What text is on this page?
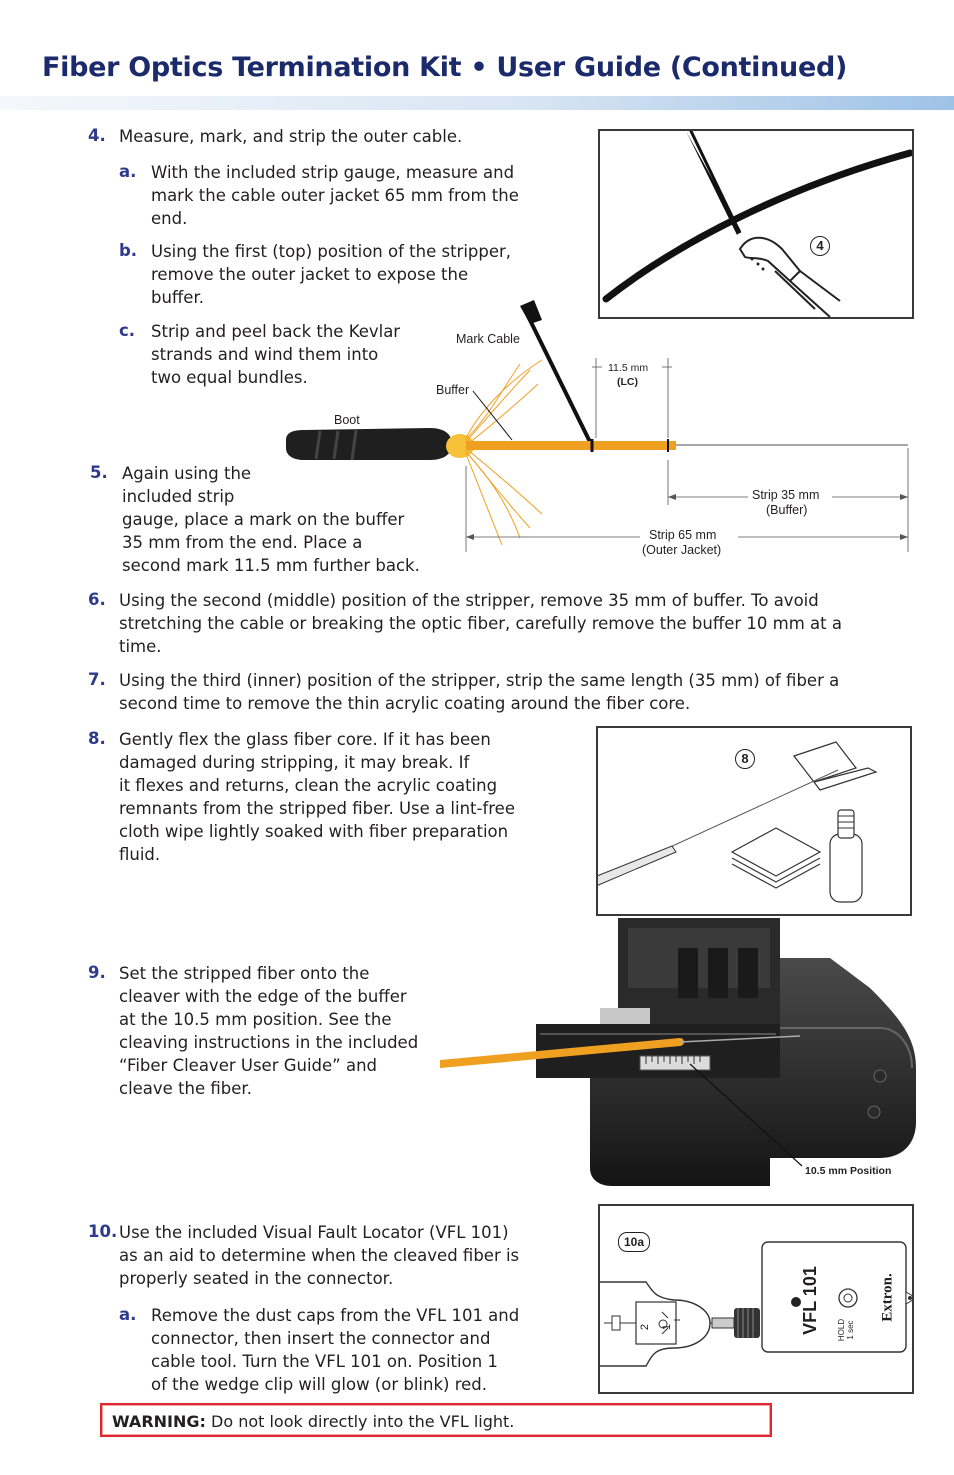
Fiber Optics Termination Kit • User Guide (Continued)
4. Measure, mark, and strip the outer cable.
a. With the included strip gauge, measure and
mark the cable outer jacket 65 mm from the
end.
b. Using the first (top) position of the stripper,
remove the outer jacket to expose the
buffer.
c. Strip and peel back the Kevlar
strands and wind them into
two equal bundles.
4
Mark Cable
Buffer
Boot
11.5 mm
(LC)
Strip 35 mm
(Buffer)
Strip 65 mm
(Outer Jacket)
5. Again using the
included strip
gauge, place a mark on the buffer
35 mm from the end. Place a
second mark 11.5 mm further back.
6. Using the second (middle) position of the stripper, remove 35 mm of buffer. To avoid
stretching the cable or breaking the optic fiber, carefully remove the buffer 10 mm at a
time.
7. Using the third (inner) position of the stripper, strip the same length (35 mm) of fiber a
second time to remove the thin acrylic coating around the fiber core.
8. Gently flex the glass fiber core. If it has been
damaged during stripping, it may break. If
it flexes and returns, clean the acrylic coating
remnants from the stripped fiber. Use a lint-free
cloth wipe lightly soaked with fiber preparation
fluid.
8
9. Set the stripped fiber onto the
cleaver with the edge of the buffer
at the 10.5 mm position. See the
cleaving instructions in the included
“Fiber Cleaver User Guide” and
cleave the fiber.
10.5 mm Position
10. Use the included Visual Fault Locator (VFL 101)
as an aid to determine when the cleaved fiber is
properly seated in the connector.
a. Remove the dust caps from the VFL 101 and
connector, then insert the connector and
cable tool. Turn the VFL 101 on. Position 1
of the wedge clip will glow (or blink) red.
10a
VFL 101	Extron.
HOLD 1 sec
1
2
WARNING: Do not look directly into the VFL light.
